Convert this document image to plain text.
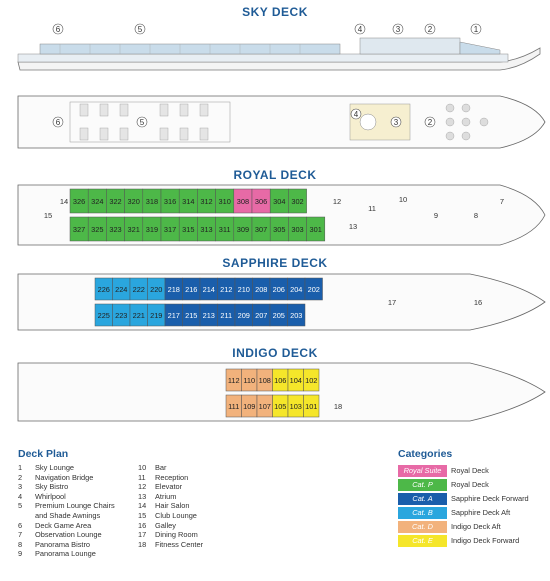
SKY DECK
6	5	4	3	2	1
6	5
4
3	2
ROYAL DECK
326 324 322 320 318 316 314 312 310 308 306 304 302
327 325 323 321 319 317 315 313 311 309 307 305 303 301
14
15
12
11
10
9	8
7
13
SAPPHIRE DECK
226 224 222 220 218 216 214 212 210 208 206 204 202
225 223 221 219 217 215 213 211 209 207 205 203
17	16
INDIGO DECK
112 110 108 106 104 102
111 109 107 105 103 101 18
Deck Plan
1 Sky Lounge
2 Navigation Bridge
3 Sky Bistro
4 Whirlpool
5 Premium Lounge Chairs
and Shade Awnings
6 Deck Game Area
7 Observation Lounge
8 Panorama Bistro
9 Panorama Lounge
10 Bar
11 Reception
12 Elevator
13 Atrium
14 Hair Salon
15 Club Lounge
16 Galley
17 Dining Room
18 Fitness Center
Categories
Royal Suite	Royal Deck
Cat. P	Royal Deck
Cat. A	Sapphire Deck Forward
Cat. B	Sapphire Deck Aft
Cat. D	Indigo Deck Aft
Cat. E	Indigo Deck Forward
